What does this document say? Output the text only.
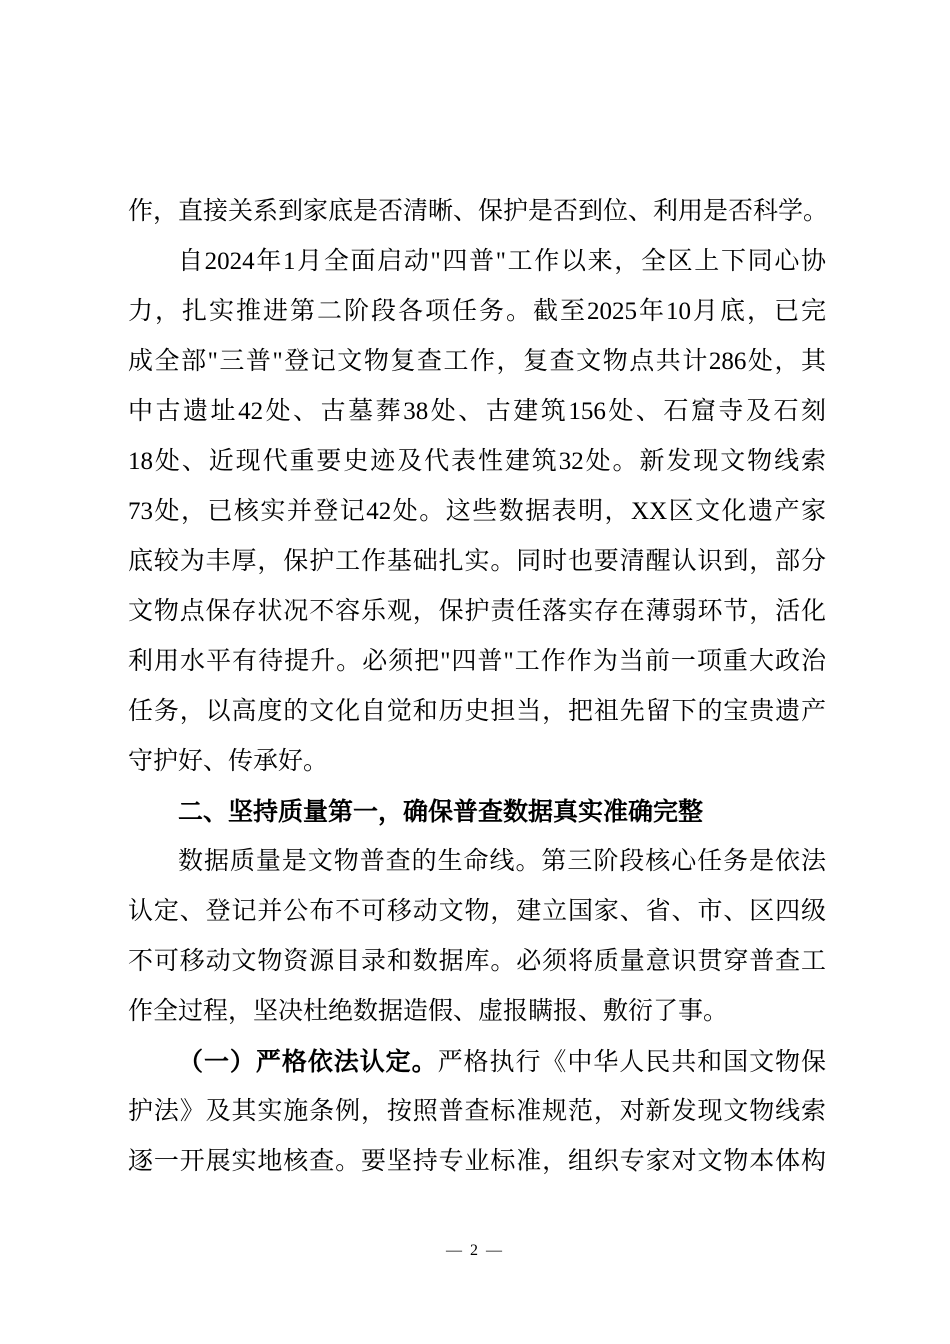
作，直接关系到家底是否清晰、保护是否到位、利用是否科学。
自2024年1月全面启动"四普"工作以来，全区上下同心协
力，扎实推进第二阶段各项任务。截至2025年10月底，已完
成全部"三普"登记文物复查工作，复查文物点共计286处，其
中古遗址42处、古墓葬38处、古建筑156处、石窟寺及石刻
18处、近现代重要史迹及代表性建筑32处。新发现文物线索
73处，已核实并登记42处。这些数据表明，XX区文化遗产家
底较为丰厚，保护工作基础扎实。同时也要清醒认识到，部分
文物点保存状况不容乐观，保护责任落实存在薄弱环节，活化
利用水平有待提升。必须把"四普"工作作为当前一项重大政治
任务，以高度的文化自觉和历史担当，把祖先留下的宝贵遗产
守护好、传承好。
二、坚持质量第一，确保普查数据真实准确完整
数据质量是文物普查的生命线。第三阶段核心任务是依法
认定、登记并公布不可移动文物，建立国家、省、市、区四级
不可移动文物资源目录和数据库。必须将质量意识贯穿普查工
作全过程，坚决杜绝数据造假、虚报瞒报、敷衍了事。
（一）严格依法认定。严格执行《中华人民共和国文物保
护法》及其实施条例，按照普查标准规范，对新发现文物线索
逐一开展实地核查。要坚持专业标准，组织专家对文物本体构
— 2 —
